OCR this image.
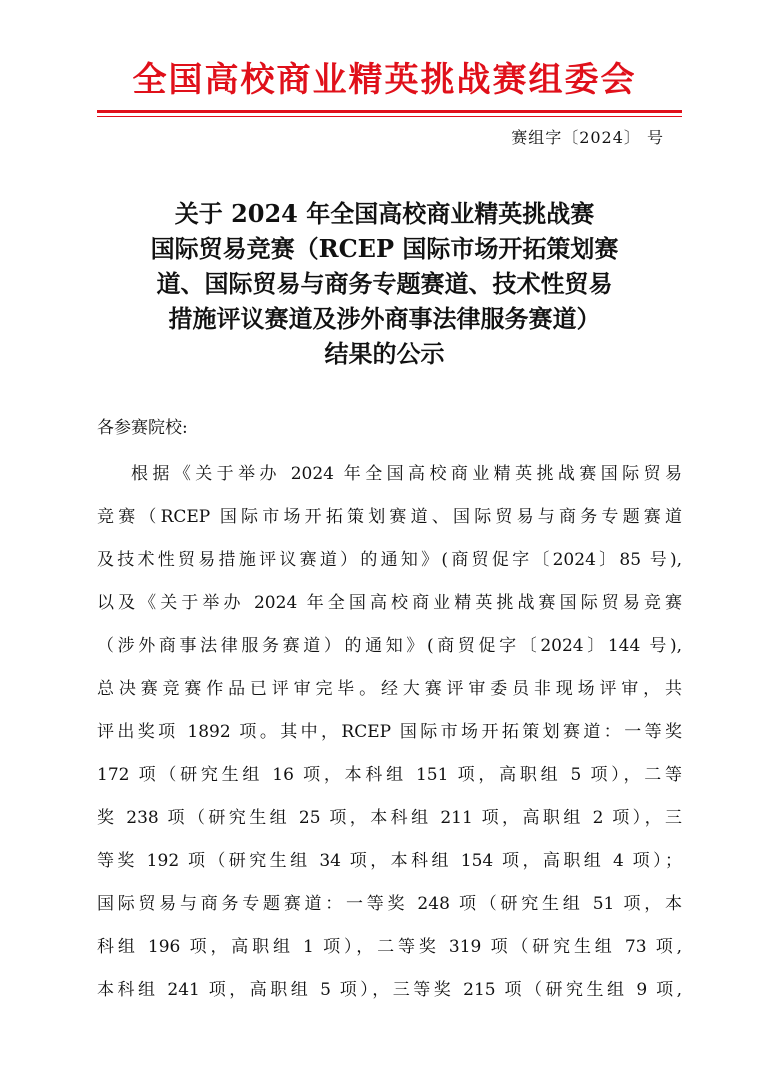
全国高校商业精英挑战赛组委会
赛组字〔2024〕 号
关于 2024 年全国高校商业精英挑战赛
国际贸易竞赛（RCEP 国际市场开拓策划赛
道、国际贸易与商务专题赛道、技术性贸易
措施评议赛道及涉外商事法律服务赛道）
结果的公示
各参赛院校:
根据《关于举办 2024 年全国高校商业精英挑战赛国际贸易
竞赛（RCEP 国际市场开拓策划赛道、国际贸易与商务专题赛道
及技术性贸易措施评议赛道）的通知》(商贸促字〔2024〕85 号),
以及《关于举办 2024 年全国高校商业精英挑战赛国际贸易竞赛
（涉外商事法律服务赛道）的通知》(商贸促字〔2024〕144 号),
总决赛竞赛作品已评审完毕。经大赛评审委员非现场评审，共
评出奖项 1892 项。其中，RCEP 国际市场开拓策划赛道：一等奖
172 项（研究生组 16 项，本科组 151 项，高职组 5 项），二等
奖 238 项（研究生组 25 项，本科组 211 项，高职组 2 项），三
等奖 192 项（研究生组 34 项，本科组 154 项，高职组 4 项）；
国际贸易与商务专题赛道：一等奖 248 项（研究生组 51 项，本
科组 196 项，高职组 1 项），二等奖 319 项（研究生组 73 项,
本科组 241 项，高职组 5 项），三等奖 215 项（研究生组 9 项,
